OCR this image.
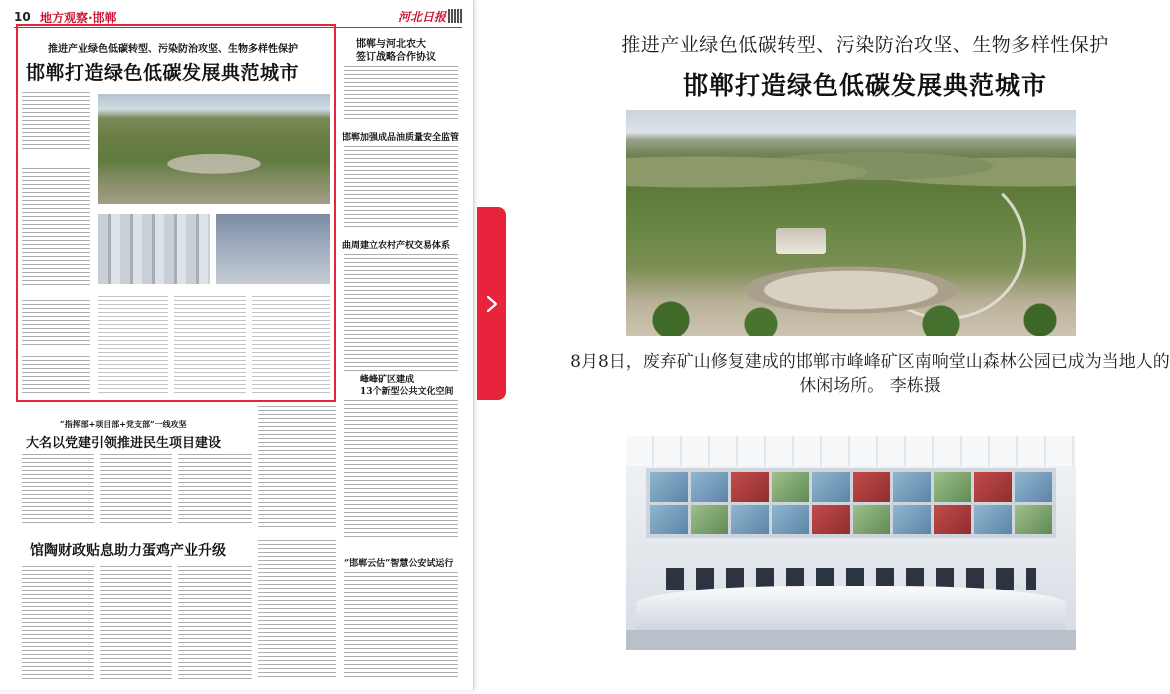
10 地方观察·邯郸	河北日报
推进产业绿色低碳转型、污染防治攻坚、生物多样性保护
邯郸打造绿色低碳发展典范城市
邯郸与河北农大
签订战略合作协议
邯郸加强成品油质量安全监管
曲周建立农村产权交易体系
峰峰矿区建成
13个新型公共文化空间
“指挥部+项目部+党支部”一线攻坚
大名以党建引领推进民生项目建设
馆陶财政贴息助力蛋鸡产业升级
“邯郸云估”智慧公安试运行
推进产业绿色低碳转型、污染防治攻坚、生物多样性保护
邯郸打造绿色低碳发展典范城市
8月8日，废弃矿山修复建成的邯郸市峰峰矿区南响堂山森林公园已成为当地人的休闲场所。 李栋摄
